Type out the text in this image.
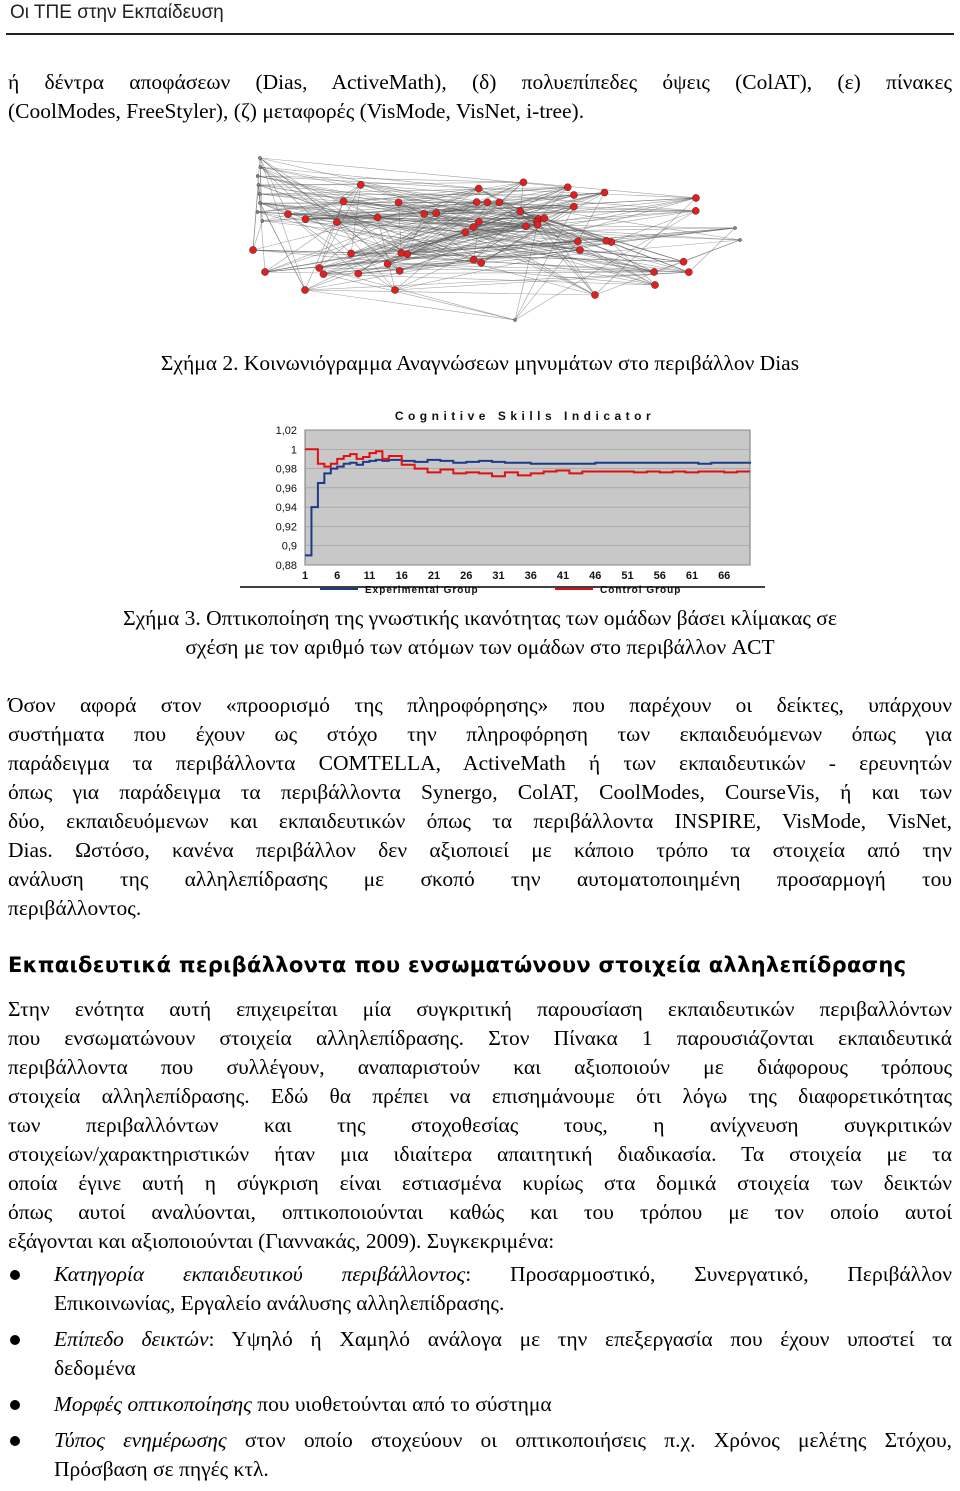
Οι ΤΠΕ στην Εκπαίδευση
ή δέντρα αποφάσεων (Dias, ActiveMath), (δ) πολυεπίπεδες όψεις (ColAT), (ε) πίνακες
(CoolModes, FreeStyler), (ζ) μεταφορές (VisMode, VisNet, i-tree).
Σχήμα 2. Κοινωνιόγραμμα Αναγνώσεων μηνυμάτων στο περιβάλλον Dias
Cognitive Skills Indicator
1,02
1
0,98
0,96
0,94
0,92
0,9
0,88
1 6 11 16 21 26 31 36 41 46 51 56 61 66
Experimental Group	Control Group
Σχήμα 3. Οπτικοποίηση της γνωστικής ικανότητας των ομάδων βάσει κλίμακας σε
σχέση με τον αριθμό των ατόμων των ομάδων στο περιβάλλον ACT
Όσον αφορά στον «προορισμό της πληροφόρησης» που παρέχουν οι δείκτες, υπάρχουν
συστήματα που έχουν ως στόχο την πληροφόρηση των εκπαιδευόμενων όπως για
παράδειγμα τα περιβάλλοντα COMTELLA, ActiveMath ή των εκπαιδευτικών - ερευνητών
όπως για παράδειγμα τα περιβάλλοντα Synergo, ColAT, CoolModes, CourseVis, ή και των
δύο, εκπαιδευόμενων και εκπαιδευτικών όπως τα περιβάλλοντα INSPIRE, VisMode, VisNet,
Dias. Ωστόσο, κανένα περιβάλλον δεν αξιοποιεί με κάποιο τρόπο τα στοιχεία από την
ανάλυση της αλληλεπίδρασης με σκοπό την αυτοματοποιημένη προσαρμογή του
περιβάλλοντος.
Εκπαιδευτικά περιβάλλοντα που ενσωματώνουν στοιχεία αλληλεπίδρασης
Στην ενότητα αυτή επιχειρείται μία συγκριτική παρουσίαση εκπαιδευτικών περιβαλλόντων
που ενσωματώνουν στοιχεία αλληλεπίδρασης. Στον Πίνακα 1 παρουσιάζονται εκπαιδευτικά
περιβάλλοντα που συλλέγουν, αναπαριστούν και αξιοποιούν με διάφορους τρόπους
στοιχεία αλληλεπίδρασης. Εδώ θα πρέπει να επισημάνουμε ότι λόγω της διαφορετικότητας
των περιβαλλόντων και της στοχοθεσίας τους, η ανίχνευση συγκριτικών
στοιχείων/χαρακτηριστικών ήταν μια ιδιαίτερα απαιτητική διαδικασία. Τα στοιχεία με τα
οποία έγινε αυτή η σύγκριση είναι εστιασμένα κυρίως στα δομικά στοιχεία των δεικτών
όπως αυτοί αναλύονται, οπτικοποιούνται καθώς και του τρόπου με τον οποίο αυτοί
εξάγονται και αξιοποιούνται (Γιαννακάς, 2009). Συγκεκριμένα:
Κατηγορία εκπαιδευτικού περιβάλλοντος: Προσαρμοστικό, Συνεργατικό, Περιβάλλον
Επικοινωνίας, Εργαλείο ανάλυσης αλληλεπίδρασης.
Επίπεδο δεικτών: Υψηλό ή Χαμηλό ανάλογα με την επεξεργασία που έχουν υποστεί τα
δεδομένα
Μορφές οπτικοποίησης που υιοθετούνται από το σύστημα
Τύπος ενημέρωσης στον οποίο στοχεύουν οι οπτικοποιήσεις π.χ. Χρόνος μελέτης Στόχου,
Πρόσβαση σε πηγές κτλ.
